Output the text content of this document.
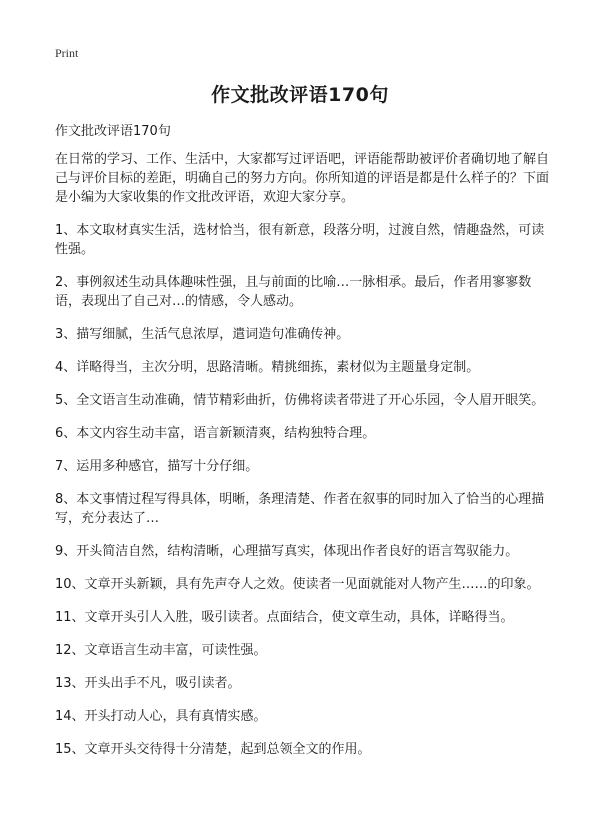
Print
作文批改评语170句
作文批改评语170句

在日常的学习、工作、生活中，大家都写过评语吧，评语能帮助被评价者确切地了解自己与评价目标的差距，明确自己的努力方向。你所知道的评语是都是什么样子的？下面是小编为大家收集的作文批改评语，欢迎大家分享。

1、本文取材真实生活，选材恰当，很有新意，段落分明，过渡自然，情趣盎然，可读性强。

2、事例叙述生动具体趣味性强，且与前面的比喻…一脉相承。最后，作者用寥寥数语，表现出了自己对…的情感，令人感动。

3、描写细腻，生活气息浓厚，遣词造句准确传神。

4、详略得当，主次分明，思路清晰。精挑细拣，素材似为主题量身定制。

5、全文语言生动准确，情节精彩曲折，仿佛将读者带进了开心乐园，令人眉开眼笑。

6、本文内容生动丰富，语言新颖清爽，结构独特合理。

7、运用多种感官，描写十分仔细。

8、本文事情过程写得具体，明晰，条理清楚、作者在叙事的同时加入了恰当的心理描写，充分表达了…

9、开头简洁自然，结构清晰，心理描写真实，体现出作者良好的语言驾驭能力。

10、文章开头新颖，具有先声夺人之效。使读者一见面就能对人物产生……的印象。

11、文章开头引人入胜，吸引读者。点面结合，使文章生动，具体，详略得当。

12、文章语言生动丰富，可读性强。

13、开头出手不凡，吸引读者。

14、开头打动人心，具有真情实感。

15、文章开头交待得十分清楚，起到总领全文的作用。
